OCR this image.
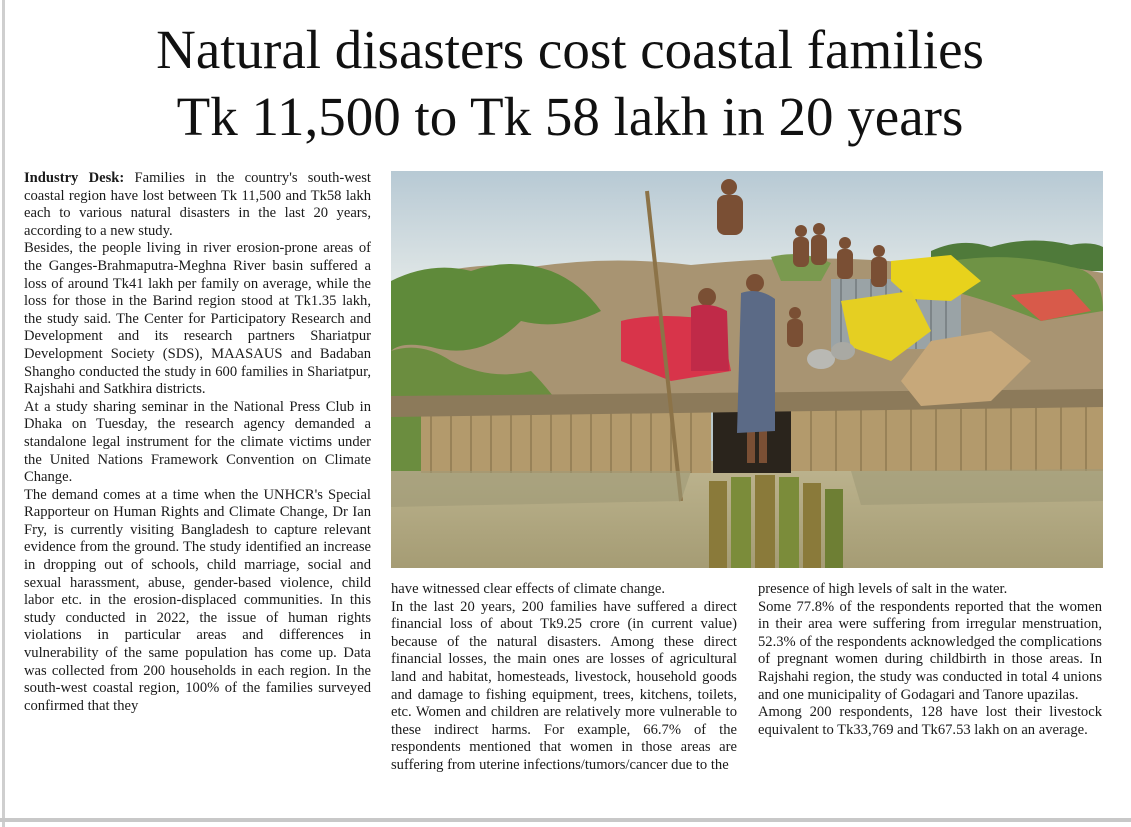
Natural disasters cost coastal families
Tk 11,500 to Tk 58 lakh in 20 years

Industry Desk: Families in the country's south-west coastal region have lost between Tk 11,500 and Tk58 lakh each to various natural disasters in the last 20 years, according to a new study.

Besides, the people living in river erosion-prone areas of the Ganges-Brahmaputra-Meghna River basin suffered a loss of around Tk41 lakh per family on average, while the loss for those in the Barind region stood at Tk1.35 lakh, the study said. The Center for Participatory Research and Development and its research partners Shariatpur Development Society (SDS), MAASAUS and Badaban Shangho conducted the study in 600 families in Shariatpur, Rajshahi and Satkhira districts.

At a study sharing seminar in the National Press Club in Dhaka on Tuesday, the research agency demanded a standalone legal instrument for the climate victims under the United Nations Framework Convention on Climate Change.

The demand comes at a time when the UNHCR's Special Rapporteur on Human Rights and Climate Change, Dr Ian Fry, is currently visiting Bangladesh to capture relevant evidence from the ground. The study identified an increase in dropping out of schools, child marriage, social and sexual harassment, abuse, gender-based violence, child labor etc. in the erosion-displaced communities. In this study conducted in 2022, the issue of human rights violations in particular areas and differences in vulnerability of the same population has come up. Data was collected from 200 households in each region. In the south-west coastal region, 100% of the families surveyed confirmed that they

have witnessed clear effects of climate change.

In the last 20 years, 200 families have suffered a direct financial loss of about Tk9.25 crore (in current value) because of the natural disasters. Among these direct financial losses, the main ones are losses of agricultural land and habitat, homesteads, livestock, household goods and damage to fishing equipment, trees, kitchens, toilets, etc. Women and children are relatively more vulnerable to these indirect harms. For example, 66.7% of the respondents mentioned that women in those areas are suffering from uterine infections/tumors/cancer due to the

presence of high levels of salt in the water.

Some 77.8% of the respondents reported that the women in their area were suffering from irregular menstruation, 52.3% of the respondents acknowledged the complications of pregnant women during childbirth in those areas. In Rajshahi region, the study was conducted in total 4 unions and one municipality of Godagari and Tanore upazilas.

Among 200 respondents, 128 have lost their livestock equivalent to Tk33,769 and Tk67.53 lakh on an average.
